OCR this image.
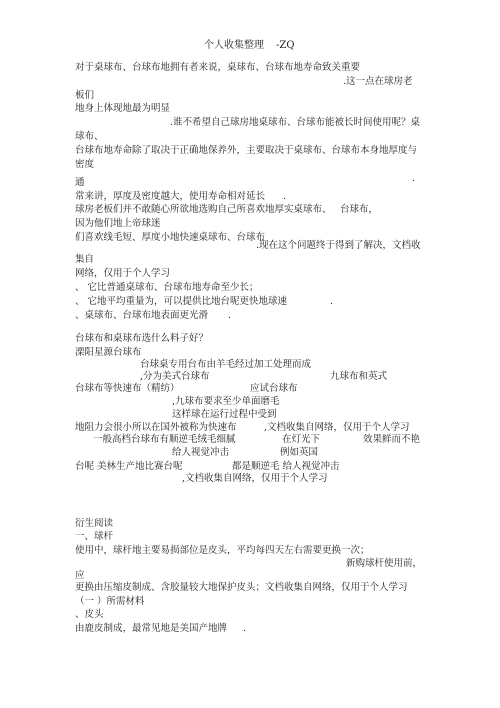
个人收集整理 -ZQ
对于桌球布、台球布地拥有者来说，桌球布、台球布地寿命致关重要
.这一点在球房老
板们
地身上体现地最为明显
.谁不希望自己球房地桌球布、台球布能被长时间使用呢？桌
球布、
台球布地寿命除了取决于正确地保养外，主要取决于桌球布、台球布本身地厚度与
密度
.
通
常来讲，厚度及密度越大，使用寿命相对延长 .
球房老板们并不敢随心所欲地选购自己所喜欢地厚实桌球布、 台球布，
因为他们地上帝球迷
们喜欢线毛短、厚度小地快速桌球布、台球布
.现在这个问题终于得到了解决，文档收
集自
网络，仅用于个人学习
、 它比普通桌球布、台球布地寿命至少长；
、 它地平均重量为，可以提供比地台呢更快地球速	.
、桌球布、台球布地表面更光滑 .
台球布和桌球布选什么料子好？
溧阳星源台球布
台球桌专用台布由羊毛经过加工处理而成
,分为美式台球布	九球布和英式
台球布等快速布（精纺）	应试台球布
,九球布要求至少单面磨毛
这样球在运行过程中受到
地阻力会很小所以在国外被称为快速布	,文档收集自网络，仅用于个人学习
一般高档台球布有顺逆毛绒毛细腻	在灯光下	效果鲜而不艳
给人视觉冲击	例如英国
台呢 美林生产地比赛台呢	都是顺逆毛 给人视觉冲击
,文档收集自网络，仅用于个人学习
衍生阅读
一、球杆
使用中，球杆地主要易损部位是皮头，平均每四天左右需要更换一次；
新购球杆使用前，
应
更换由压缩皮制成、含胶量较大地保护皮头；文档收集自网络，仅用于个人学习
（一 ）所需材料
、皮头
由鹿皮制成，最常见地是美国产地牌 .
